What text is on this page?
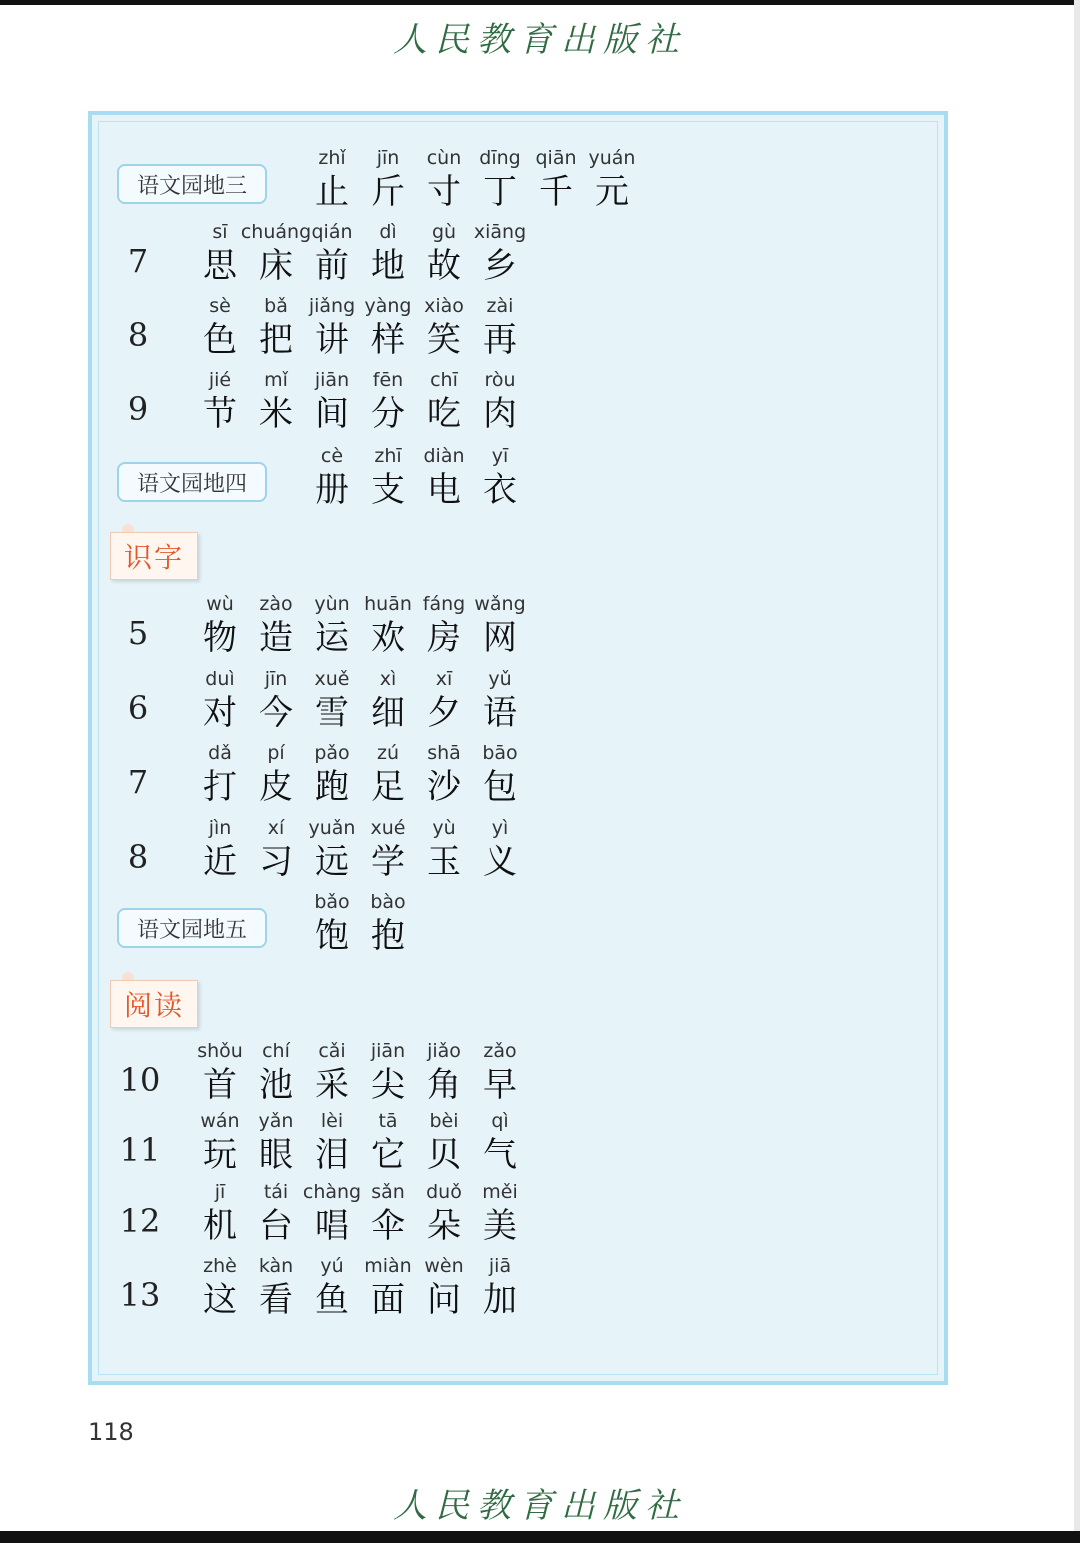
人民教育出版社
语文园地三
zhǐ
止
jīn
斤
cùn
寸
dīng
丁
qiān
千
yuán
元
7
sī
思
chuáng
床
qián
前
dì
地
gù
故
xiāng
乡
8
sè
色
bǎ
把
jiǎng
讲
yàng
样
xiào
笑
zài
再
9
jié
节
mǐ
米
jiān
间
fēn
分
chī
吃
ròu
肉
语文园地四
cè
册
zhī
支
diàn
电
yī
衣
5
wù
物
zào
造
yùn
运
huān
欢
fáng
房
wǎng
网
6
duì
对
jīn
今
xuě
雪
xì
细
xī
夕
yǔ
语
7
dǎ
打
pí
皮
pǎo
跑
zú
足
shā
沙
bāo
包
8
jìn
近
xí
习
yuǎn
远
xué
学
yù
玉
yì
义
语文园地五
bǎo
饱
bào
抱
10
shǒu
首
chí
池
cǎi
采
jiān
尖
jiǎo
角
zǎo
早
11
wán
玩
yǎn
眼
lèi
泪
tā
它
bèi
贝
qì
气
12
jī
机
tái
台
chàng
唱
sǎn
伞
duǒ
朵
měi
美
13
zhè
这
kàn
看
yú
鱼
miàn
面
wèn
问
jiā
加
识字
阅读
118
人民教育出版社
